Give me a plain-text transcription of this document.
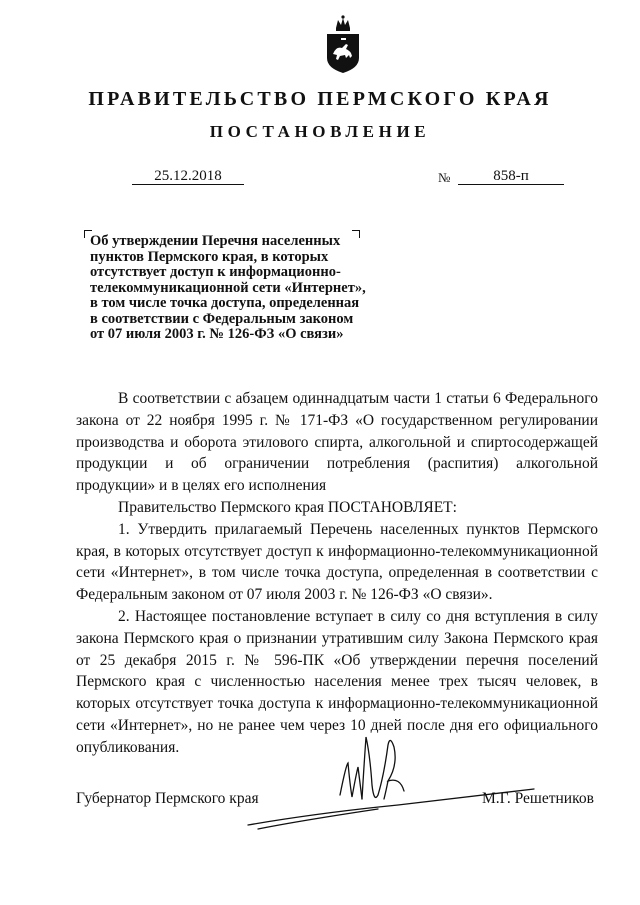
ПРАВИТЕЛЬСТВО ПЕРМСКОГО КРАЯ
ПОСТАНОВЛЕНИЕ
25.12.2018	№	858-п
Об утверждении Перечня населенных
пунктов Пермского края, в которых
отсутствует доступ к информационно-
телекоммуникационной сети «Интернет»,
в том числе точка доступа, определенная
в соответствии с Федеральным законом
от 07 июля 2003 г. № 126-ФЗ «О связи»

В соответствии с абзацем одиннадцатым части 1 статьи 6 Федерального закона от 22 ноября 1995 г. № 171-ФЗ «О государственном регулировании производства и оборота этилового спирта, алкогольной и спиртосодержащей продукции и об ограничении потребления (распития) алкогольной продукции» и в целях его исполнения

Правительство Пермского края ПОСТАНОВЛЯЕТ:

1. Утвердить прилагаемый Перечень населенных пунктов Пермского края, в которых отсутствует доступ к информационно-телекоммуникационной сети «Интернет», в том числе точка доступа, определенная в соответствии с Федеральным законом от 07 июля 2003 г. № 126-ФЗ «О связи».

2. Настоящее постановление вступает в силу со дня вступления в силу закона Пермского края о признании утратившим силу Закона Пермского края от 25 декабря 2015 г. № 596-ПК «Об утверждении перечня поселений Пермского края с численностью населения менее трех тысяч человек, в которых отсутствует точка доступа к информационно-телекоммуникационной сети «Интернет», но не ранее чем через 10 дней после дня его официального опубликования.

Губернатор Пермского края	М.Г. Решетников
